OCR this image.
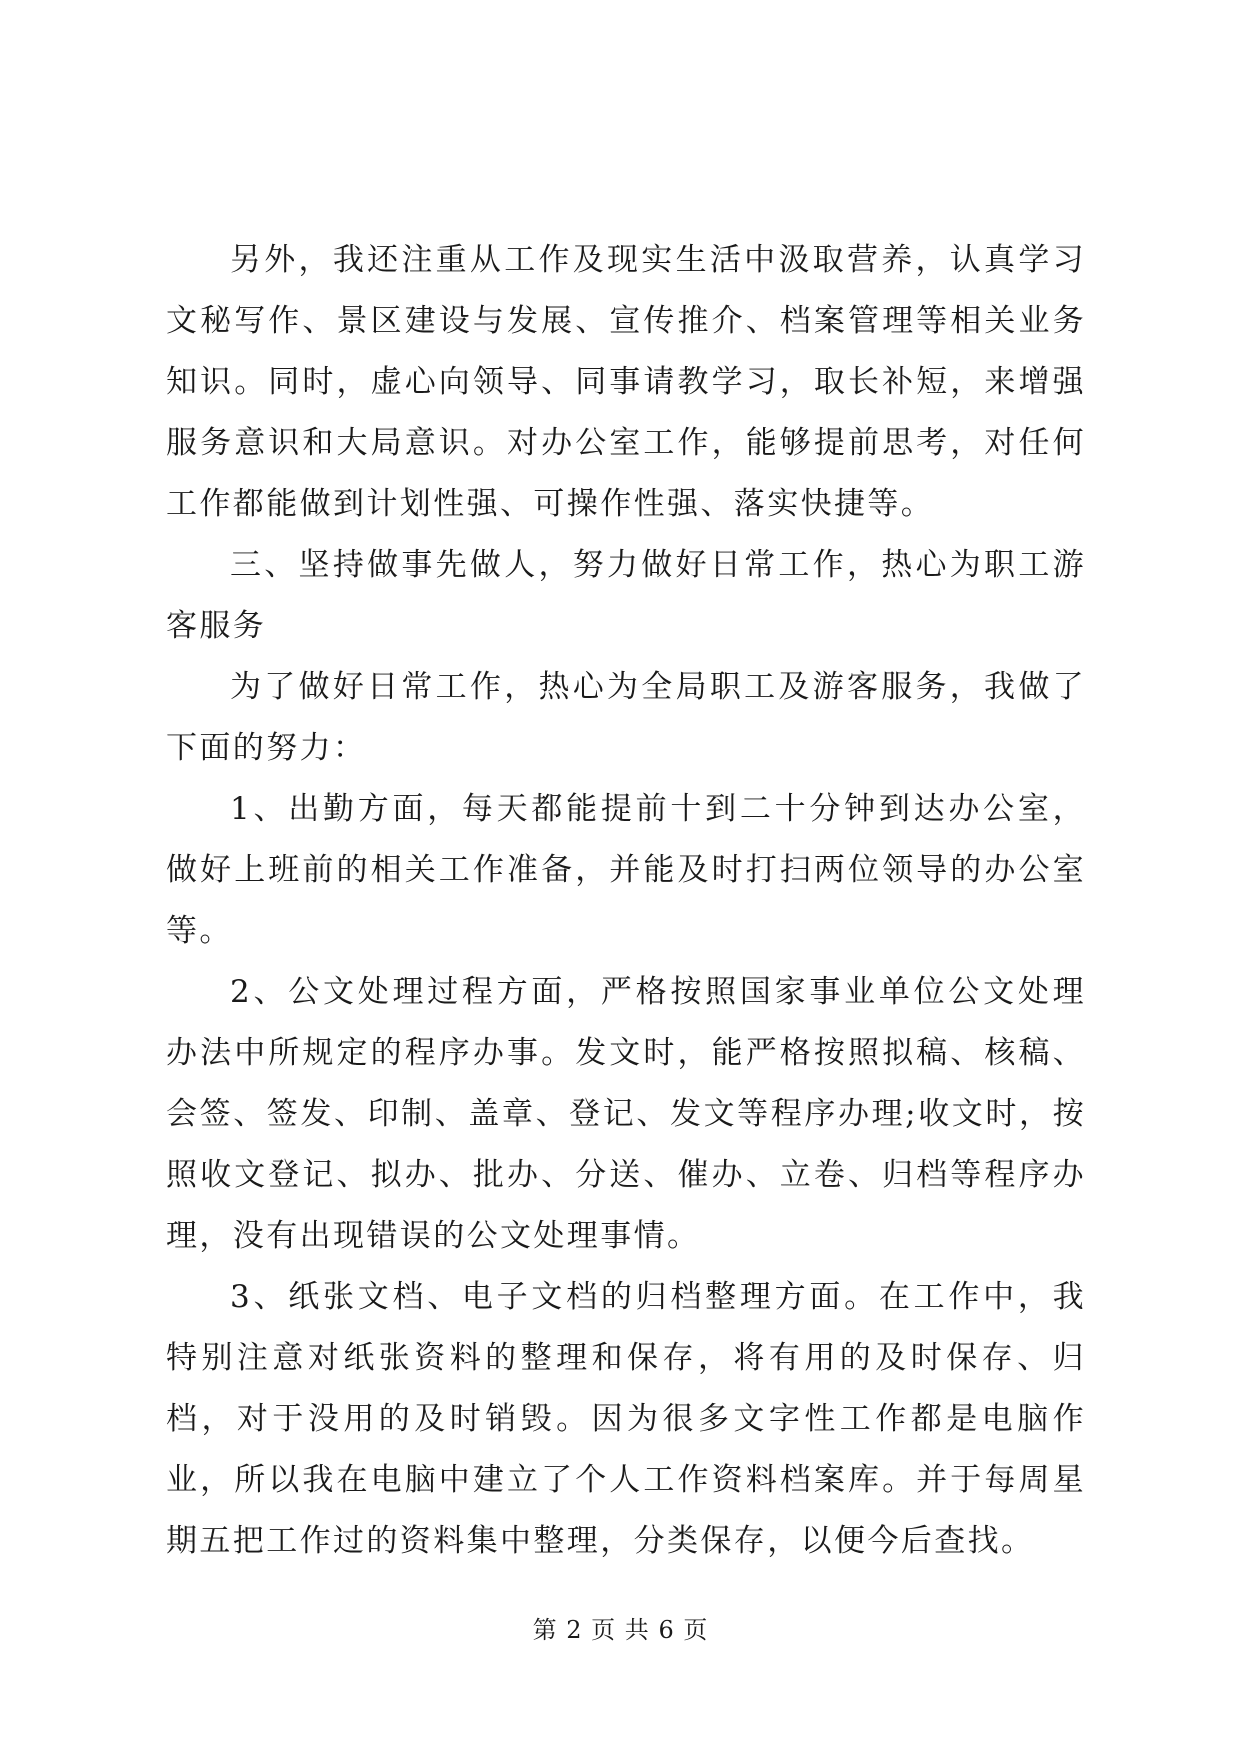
另外，我还注重从工作及现实生活中汲取营养，认真学习文秘写作、景区建设与发展、宣传推介、档案管理等相关业务知识。同时，虚心向领导、同事请教学习，取长补短，来增强服务意识和大局意识。对办公室工作，能够提前思考，对任何工作都能做到计划性强、可操作性强、落实快捷等。

三、坚持做事先做人，努力做好日常工作，热心为职工游客服务

为了做好日常工作，热心为全局职工及游客服务，我做了下面的努力：

1、出勤方面，每天都能提前十到二十分钟到达办公室，做好上班前的相关工作准备，并能及时打扫两位领导的办公室等。

2、公文处理过程方面，严格按照国家事业单位公文处理办法中所规定的程序办事。发文时，能严格按照拟稿、核稿、会签、签发、印制、盖章、登记、发文等程序办理;收文时，按照收文登记、拟办、批办、分送、催办、立卷、归档等程序办理，没有出现错误的公文处理事情。

3、纸张文档、电子文档的归档整理方面。在工作中，我特别注意对纸张资料的整理和保存，将有用的及时保存、归档，对于没用的及时销毁。因为很多文字性工作都是电脑作业，所以我在电脑中建立了个人工作资料档案库。并于每周星期五把工作过的资料集中整理，分类保存，以便今后查找。

第 2 页 共 6 页
